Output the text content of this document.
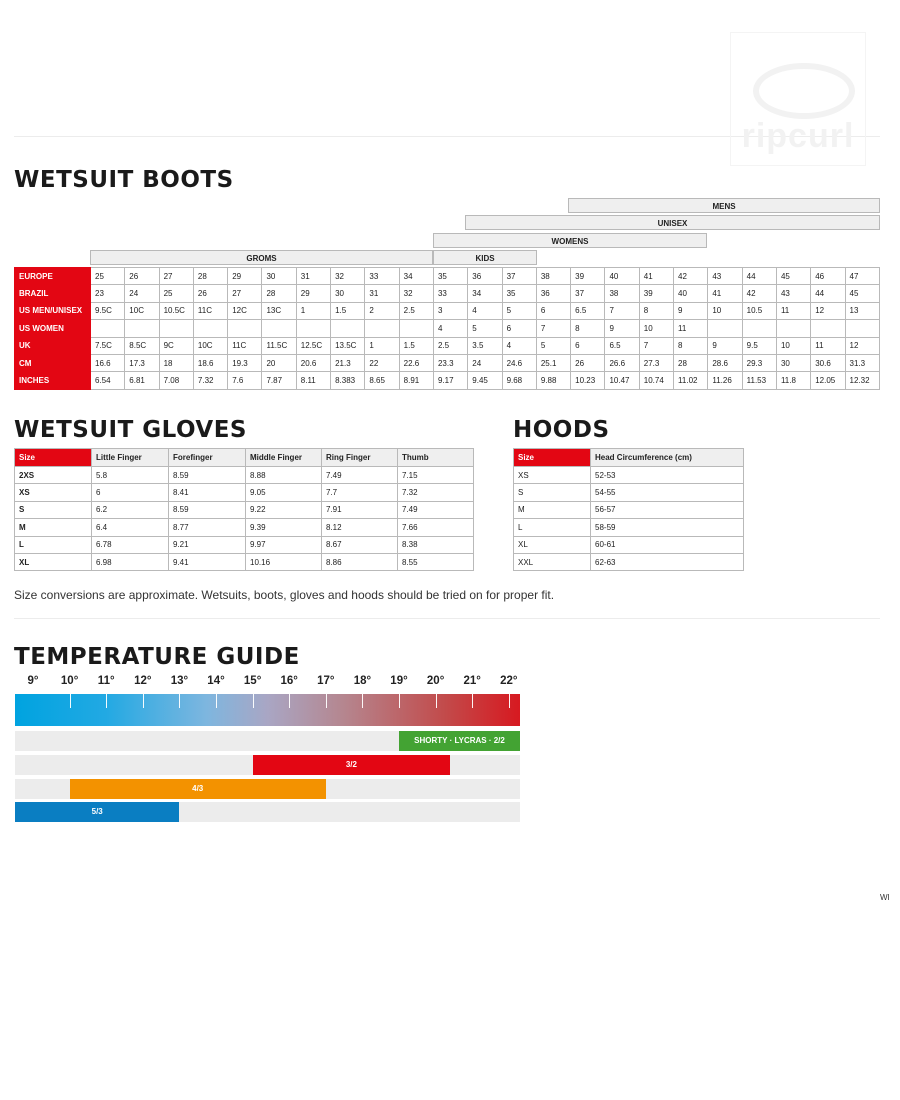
ripcurl
WETSUIT BOOTS
MENS
UNISEX
WOMENS
KIDS
GROMS
EUROPE	25	26	27	28	29	30	31	32	33	34	35	36	37	38	39	40	41	42	43	44	45	46	47
BRAZIL	23	24	25	26	27	28	29	30	31	32	33	34	35	36	37	38	39	40	41	42	43	44	45
US MEN/UNISEX	9.5C	10C	10.5C	11C	12C	13C	1	1.5	2	2.5	3	4	5	6	6.5	7	8	9	10	10.5	11	12	13
US WOMEN											4	5	6	7	8	9	10	11					
UK	7.5C	8.5C	9C	10C	11C	11.5C	12.5C	13.5C	1	1.5	2.5	3.5	4	5	6	6.5	7	8	9	9.5	10	11	12
CM	16.6	17.3	18	18.6	19.3	20	20.6	21.3	22	22.6	23.3	24	24.6	25.1	26	26.6	27.3	28	28.6	29.3	30	30.6	31.3
INCHES	6.54	6.81	7.08	7.32	7.6	7.87	8.11	8.383	8.65	8.91	9.17	9.45	9.68	9.88	10.23	10.47	10.74	11.02	11.26	11.53	11.8	12.05	12.32
WETSUIT GLOVES
Size	Little Finger	Forefinger	Middle Finger	Ring Finger	Thumb
2XS	5.8	8.59	8.88	7.49	7.15
XS	6	8.41	9.05	7.7	7.32
S	6.2	8.59	9.22	7.91	7.49
M	6.4	8.77	9.39	8.12	7.66
L	6.78	9.21	9.97	8.67	8.38
XL	6.98	9.41	10.16	8.86	8.55
HOODS
Size	Head Circumference (cm)
XS	52-53
S	54-55
M	56-57
L	58-59
XL	60-61
XXL	62-63
Size conversions are approximate. Wetsuits, boots, gloves and hoods should be tried on for proper fit.
TEMPERATURE GUIDE
9° 10° 11° 12° 13° 14° 15° 16° 17° 18° 19° 20° 21° 22°
SHORTY · LYCRAS · 2/2
3/2
4/3
5/3
WI
